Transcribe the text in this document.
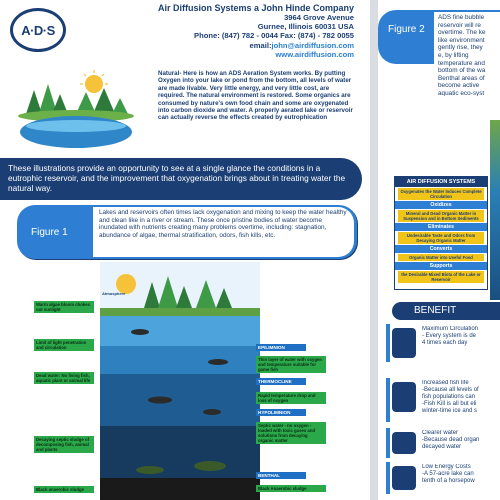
A·D·S
Air Diffusion Systems a John Hinde Company
3964 Grove Avenue
Gurnee, Illinois 60031 USA
Phone: (847) 782 - 0044 Fax: (874) - 782 0055
email:john@airdiffusion.com
www.airdiffusion.com
Natural- Here is how an ADS Aeration System works. By putting Oxygen into your lake or pond from the bottom, all levels of water are made livable. Very little energy, and very little cost, are required. The natural environment is restored. Some organics are consumed by nature's own food chain and some are oxygenated into carbon dioxide and water. A properly aerated lake or reservoir can actually reverse the effects created by eutrophication
These illustrations provide an opportunity to see at a single glance the conditions in a eutrophic reservoir, and the improvement that oxygenation brings about in treating water the natural way.
Figure 1
Lakes and reservoirs often times lack oxygenation and mixing to keep the water healthy and clean like in a river or stream. These once pristine bodies of water become inundated with nutrients creating many problems overtime, including: stagnation, abundance of algae, thermal stratification, odors, fish kills, etc.
Atmosphere
Warm algae bloom chokes out sunlight
Limit of light penetration and circulation
Dead water: No living fish, aquatic plant or animal life
Decaying septic sludge of decomposing fish, animal and plants
Black anaerobic sludge
EPILIMNION
Thin layer of water with oxygen and temperature suitable for game fish
THERMOCLINE
Rapid temperature drop and loss of oxygen
HYPOLIMNION
Septic water - no oxygen - loaded with toxic gases and solutions from decaying organic matter
BENTHAL
Black Anaerobic sludge
Figure 2
ADS fine bubble
reservoir will re
overtime. The ke
like environment
gently rise, they
e, by lifting
temperature and
bottom of the wa
Benthal areas of
become active
aquatic eco-syst
AIR DIFFUSION SYSTEMS
Oxygenates the Water Induces Complete Circulation
Oxidizes
Mineral and Dead Organic Matter in Suspension and in Bottom Sediments
Eliminates
Undesirable Taste and Odors from Decaying Organic Matter
Converts
Organic Matter into Useful Food
Supports
the Desirable Mixed Biota of the Lake or Reservoir
BENEFIT
Maximum Circulation
- Every system is de
4 times each day
Increased fish life
-Because all levels of
fish populations can
-Fish Kill is all but eli
winter-time ice and s
Clearer water
-Because dead organ
decayed water
Low Energy Costs
-A 57-acre lake can
tenth of a horsepow
